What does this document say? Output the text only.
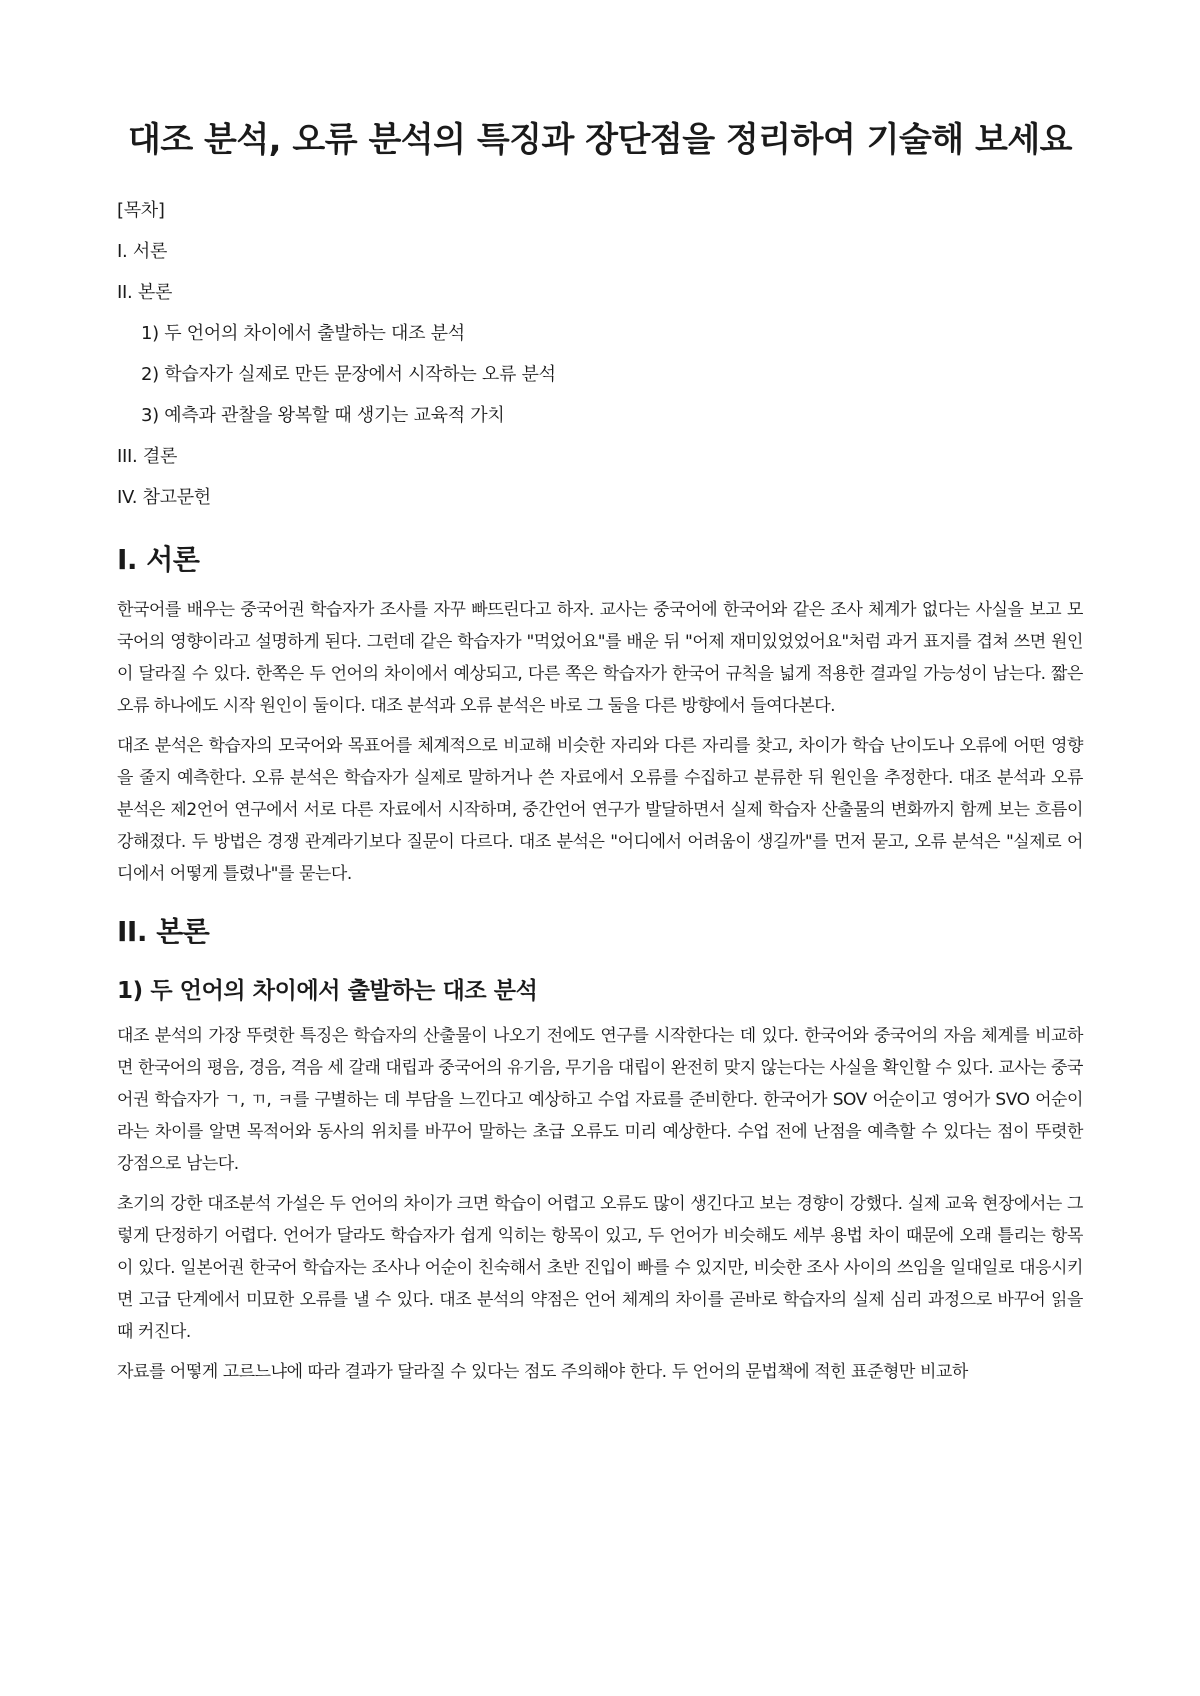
대조 분석, 오류 분석의 특징과 장단점을 정리하여 기술해 보세요

[목차]

I. 서론

II. 본론

1) 두 언어의 차이에서 출발하는 대조 분석

2) 학습자가 실제로 만든 문장에서 시작하는 오류 분석

3) 예측과 관찰을 왕복할 때 생기는 교육적 가치

III. 결론

IV. 참고문헌

I. 서론

한국어를 배우는 중국어권 학습자가 조사를 자꾸 빠뜨린다고 하자. 교사는 중국어에 한국어와 같은 조사 체계가 없다는 사실을 보고 모국어의 영향이라고 설명하게 된다. 그런데 같은 학습자가 "먹었어요"를 배운 뒤 "어제 재미있었었어요"처럼 과거 표지를 겹쳐 쓰면 원인이 달라질 수 있다. 한쪽은 두 언어의 차이에서 예상되고, 다른 쪽은 학습자가 한국어 규칙을 넓게 적용한 결과일 가능성이 남는다. 짧은 오류 하나에도 시작 원인이 둘이다. 대조 분석과 오류 분석은 바로 그 둘을 다른 방향에서 들여다본다.

대조 분석은 학습자의 모국어와 목표어를 체계적으로 비교해 비슷한 자리와 다른 자리를 찾고, 차이가 학습 난이도나 오류에 어떤 영향을 줄지 예측한다. 오류 분석은 학습자가 실제로 말하거나 쓴 자료에서 오류를 수집하고 분류한 뒤 원인을 추정한다. 대조 분석과 오류 분석은 제2언어 연구에서 서로 다른 자료에서 시작하며, 중간언어 연구가 발달하면서 실제 학습자 산출물의 변화까지 함께 보는 흐름이 강해졌다. 두 방법은 경쟁 관계라기보다 질문이 다르다. 대조 분석은 "어디에서 어려움이 생길까"를 먼저 묻고, 오류 분석은 "실제로 어디에서 어떻게 틀렸나"를 묻는다.

II. 본론
1) 두 언어의 차이에서 출발하는 대조 분석

대조 분석의 가장 뚜렷한 특징은 학습자의 산출물이 나오기 전에도 연구를 시작한다는 데 있다. 한국어와 중국어의 자음 체계를 비교하면 한국어의 평음, 경음, 격음 세 갈래 대립과 중국어의 유기음, 무기음 대립이 완전히 맞지 않는다는 사실을 확인할 수 있다. 교사는 중국어권 학습자가 ㄱ, ㄲ, ㅋ를 구별하는 데 부담을 느낀다고 예상하고 수업 자료를 준비한다. 한국어가 SOV 어순이고 영어가 SVO 어순이라는 차이를 알면 목적어와 동사의 위치를 바꾸어 말하는 초급 오류도 미리 예상한다. 수업 전에 난점을 예측할 수 있다는 점이 뚜렷한 강점으로 남는다.

초기의 강한 대조분석 가설은 두 언어의 차이가 크면 학습이 어렵고 오류도 많이 생긴다고 보는 경향이 강했다. 실제 교육 현장에서는 그렇게 단정하기 어렵다. 언어가 달라도 학습자가 쉽게 익히는 항목이 있고, 두 언어가 비슷해도 세부 용법 차이 때문에 오래 틀리는 항목이 있다. 일본어권 한국어 학습자는 조사나 어순이 친숙해서 초반 진입이 빠를 수 있지만, 비슷한 조사 사이의 쓰임을 일대일로 대응시키면 고급 단계에서 미묘한 오류를 낼 수 있다. 대조 분석의 약점은 언어 체계의 차이를 곧바로 학습자의 실제 심리 과정으로 바꾸어 읽을 때 커진다.

자료를 어떻게 고르느냐에 따라 결과가 달라질 수 있다는 점도 주의해야 한다. 두 언어의 문법책에 적힌 표준형만 비교하
